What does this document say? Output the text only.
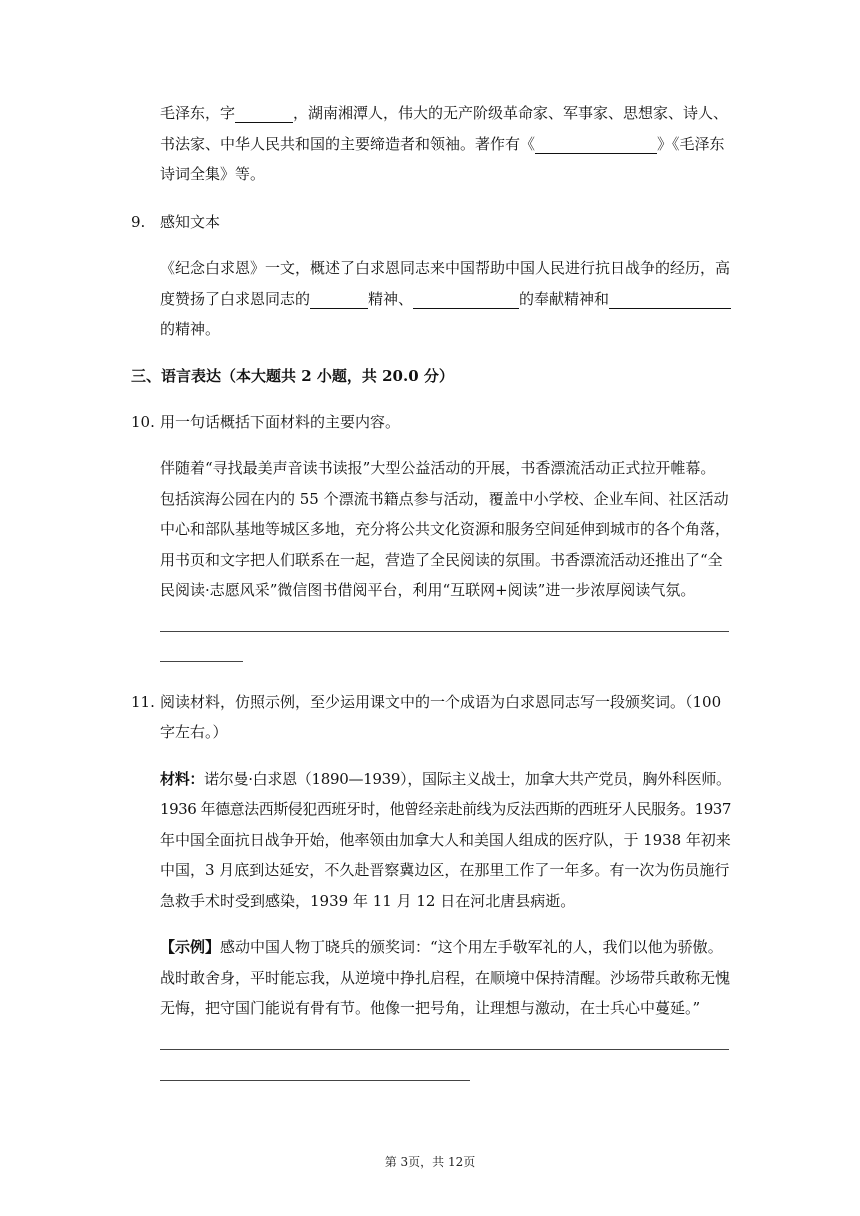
毛泽东，字	，湖南湘潭人，伟大的无产阶级革命家、军事家、思想家、诗人、
书法家、中华人民共和国的主要缔造者和领袖。著作有《	》《毛泽东
诗词全集》等。
9. 感知文本
《纪念白求恩》一文，概述了白求恩同志来中国帮助中国人民进行抗日战争的经历，高
度赞扬了白求恩同志的	精神、	的奉献精神和
的精神。
三、语言表达（本大题共 2 小题，共 20.0 分）
10. 用一句话概括下面材料的主要内容。
伴随着“寻找最美声音读书读报”大型公益活动的开展，书香漂流活动正式拉开帷幕。
包括滨海公园在内的 55 个漂流书籍点参与活动，覆盖中小学校、企业车间、社区活动
中心和部队基地等城区多地，充分将公共文化资源和服务空间延伸到城市的各个角落，
用书页和文字把人们联系在一起，营造了全民阅读的氛围。书香漂流活动还推出了“全
民阅读·志愿风采”微信图书借阅平台，利用“互联网+阅读”进一步浓厚阅读气氛。
11. 阅读材料，仿照示例，至少运用课文中的一个成语为白求恩同志写一段颁奖词。（100
字左右。）
材料：诺尔曼·白求恩（1890—1939），国际主义战士，加拿大共产党员，胸外科医师。
1936 年德意法西斯侵犯西班牙时，他曾经亲赴前线为反法西斯的西班牙人民服务。1937
年中国全面抗日战争开始，他率领由加拿大人和美国人组成的医疗队，于 1938 年初来
中国，3 月底到达延安，不久赴晋察冀边区，在那里工作了一年多。有一次为伤员施行
急救手术时受到感染，1939 年 11 月 12 日在河北唐县病逝。
【示例】感动中国人物丁晓兵的颁奖词：“这个用左手敬军礼的人，我们以他为骄傲。
战时敢舍身，平时能忘我，从逆境中挣扎启程，在顺境中保持清醒。沙场带兵敢称无愧
无悔，把守国门能说有骨有节。他像一把号角，让理想与激动，在士兵心中蔓延。”
第 3页，共 12页
